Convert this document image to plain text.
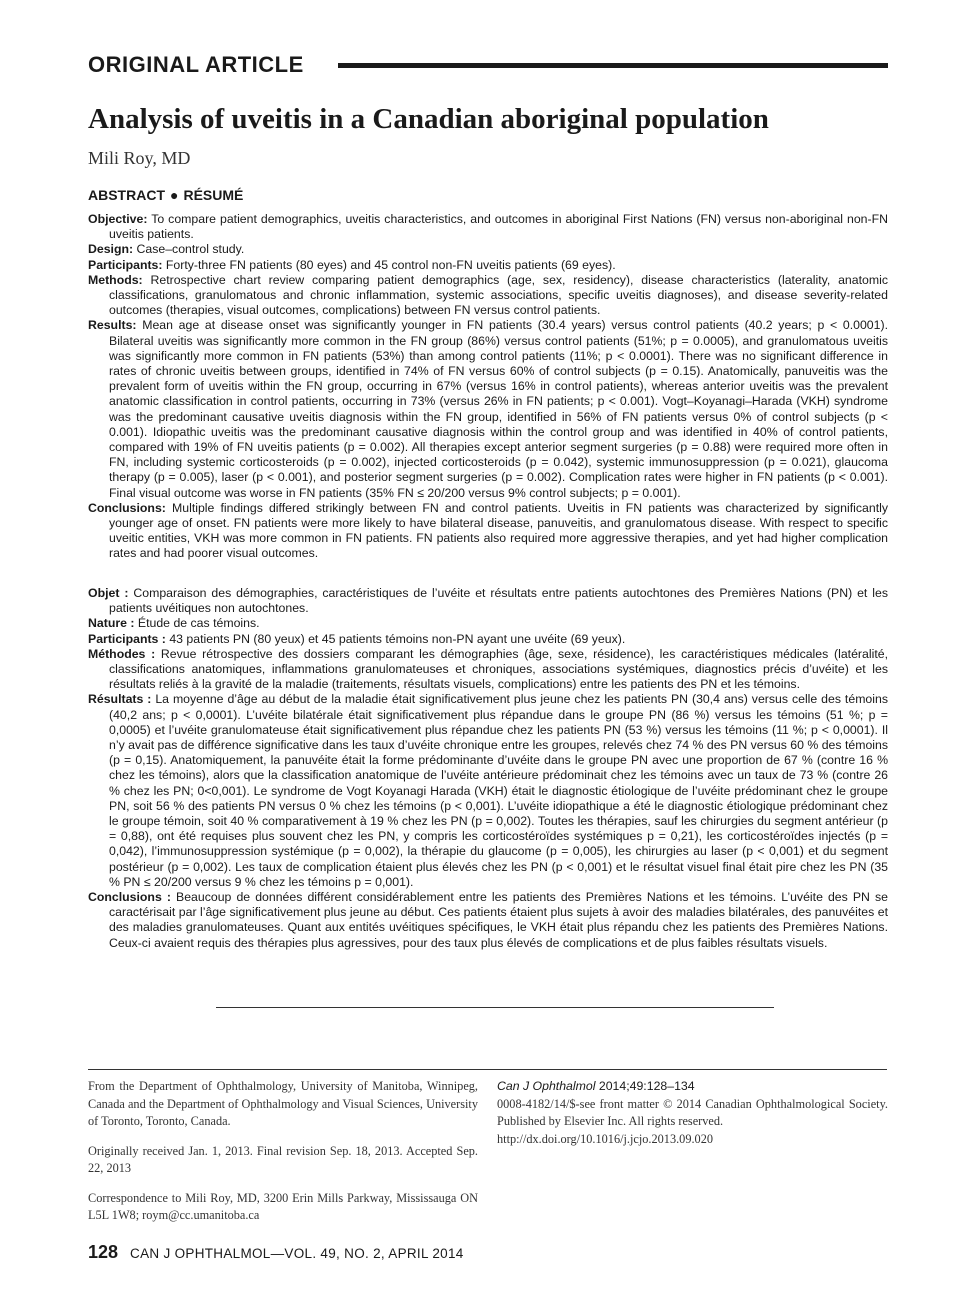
ORIGINAL ARTICLE
Analysis of uveitis in a Canadian aboriginal population
Mili Roy, MD
ABSTRACT ● RÉSUMÉ

Objective: To compare patient demographics, uveitis characteristics, and outcomes in aboriginal First Nations (FN) versus non-aboriginal non-FN uveitis patients.

Design: Case–control study.

Participants: Forty-three FN patients (80 eyes) and 45 control non-FN uveitis patients (69 eyes).

Methods: Retrospective chart review comparing patient demographics (age, sex, residency), disease characteristics (laterality, anatomic classifications, granulomatous and chronic inflammation, systemic associations, specific uveitis diagnoses), and disease severity-related outcomes (therapies, visual outcomes, complications) between FN versus control patients.

Results: Mean age at disease onset was significantly younger in FN patients (30.4 years) versus control patients (40.2 years; p < 0.0001). Bilateral uveitis was significantly more common in the FN group (86%) versus control patients (51%; p = 0.0005), and granulomatous uveitis was significantly more common in FN patients (53%) than among control patients (11%; p < 0.0001). There was no significant difference in rates of chronic uveitis between groups, identified in 74% of FN versus 60% of control subjects (p = 0.15). Anatomically, panuveitis was the prevalent form of uveitis within the FN group, occurring in 67% (versus 16% in control patients), whereas anterior uveitis was the prevalent anatomic classification in control patients, occurring in 73% (versus 26% in FN patients; p < 0.001). Vogt–Koyanagi–Harada (VKH) syndrome was the predominant causative uveitis diagnosis within the FN group, identified in 56% of FN patients versus 0% of control subjects (p < 0.001). Idiopathic uveitis was the predominant causative diagnosis within the control group and was identified in 40% of control patients, compared with 19% of FN uveitis patients (p = 0.002). All therapies except anterior segment surgeries (p = 0.88) were required more often in FN, including systemic corticosteroids (p = 0.002), injected corticosteroids (p = 0.042), systemic immunosuppression (p = 0.021), glaucoma therapy (p = 0.005), laser (p < 0.001), and posterior segment surgeries (p = 0.002). Complication rates were higher in FN patients (p < 0.001). Final visual outcome was worse in FN patients (35% FN ≤ 20/200 versus 9% control subjects; p = 0.001).

Conclusions: Multiple findings differed strikingly between FN and control patients. Uveitis in FN patients was characterized by significantly younger age of onset. FN patients were more likely to have bilateral disease, panuveitis, and granulomatous disease. With respect to specific uveitic entities, VKH was more common in FN patients. FN patients also required more aggressive therapies, and yet had higher complication rates and had poorer visual outcomes.

Objet : Comparaison des démographies, caractéristiques de l’uvéite et résultats entre patients autochtones des Premières Nations (PN) et les patients uvéitiques non autochtones.

Nature : Étude de cas témoins.

Participants : 43 patients PN (80 yeux) et 45 patients témoins non-PN ayant une uvéite (69 yeux).

Méthodes : Revue rétrospective des dossiers comparant les démographies (âge, sexe, résidence), les caractéristiques médicales (latéralité, classifications anatomiques, inflammations granulomateuses et chroniques, associations systémiques, diagnostics précis d’uvéite) et les résultats reliés à la gravité de la maladie (traitements, résultats visuels, complications) entre les patients des PN et les témoins.

Résultats : La moyenne d’âge au début de la maladie était significativement plus jeune chez les patients PN (30,4 ans) versus celle des témoins (40,2 ans; p < 0,0001). L’uvéite bilatérale était significativement plus répandue dans le groupe PN (86 %) versus les témoins (51 %; p = 0,0005) et l’uvéite granulomateuse était significativement plus répandue chez les patients PN (53 %) versus les témoins (11 %; p < 0,0001). Il n’y avait pas de différence significative dans les taux d’uvéite chronique entre les groupes, relevés chez 74 % des PN versus 60 % des témoins (p = 0,15). Anatomiquement, la panuvéite était la forme prédominante d’uvéite dans le groupe PN avec une proportion de 67 % (contre 16 % chez les témoins), alors que la classification anatomique de l’uvéite antérieure prédominait chez les témoins avec un taux de 73 % (contre 26 % chez les PN; 0<0,001). Le syndrome de Vogt Koyanagi Harada (VKH) était le diagnostic étiologique de l’uvéite prédominant chez le groupe PN, soit 56 % des patients PN versus 0 % chez les témoins (p < 0,001). L’uvéite idiopathique a été le diagnostic étiologique prédominant chez le groupe témoin, soit 40 % comparativement à 19 % chez les PN (p = 0,002). Toutes les thérapies, sauf les chirurgies du segment antérieur (p = 0,88), ont été requises plus souvent chez les PN, y compris les corticostéroïdes systémiques p = 0,21), les corticostéroïdes injectés (p = 0,042), l’immunosuppression systémique (p = 0,002), la thérapie du glaucome (p = 0,005), les chirurgies au laser (p < 0,001) et du segment postérieur (p = 0,002). Les taux de complication étaient plus élevés chez les PN (p < 0,001) et le résultat visuel final était pire chez les PN (35 % PN ≤ 20/200 versus 9 % chez les témoins p = 0,001).

Conclusions : Beaucoup de données différent considérablement entre les patients des Premières Nations et les témoins. L’uvéite des PN se caractérisait par l’âge significativement plus jeune au début. Ces patients étaient plus sujets à avoir des maladies bilatérales, des panuvéites et des maladies granulomateuses. Quant aux entités uvéitiques spécifiques, le VKH était plus répandu chez les patients des Premières Nations. Ceux-ci avaient requis des thérapies plus agressives, pour des taux plus élevés de complications et de plus faibles résultats visuels.

From the Department of Ophthalmology, University of Manitoba, Winnipeg, Canada and the Department of Ophthalmology and Visual Sciences, University of Toronto, Toronto, Canada.

Originally received Jan. 1, 2013. Final revision Sep. 18, 2013. Accepted Sep. 22, 2013

Correspondence to Mili Roy, MD, 3200 Erin Mills Parkway, Mississauga ON L5L 1W8; roym@cc.umanitoba.ca

Can J Ophthalmol 2014;49:128–134
0008-4182/14/$-see front matter © 2014 Canadian Ophthalmological Society. Published by Elsevier Inc. All rights reserved.
http://dx.doi.org/10.1016/j.jcjo.2013.09.020
128 CAN J OPHTHALMOL—VOL. 49, NO. 2, APRIL 2014
